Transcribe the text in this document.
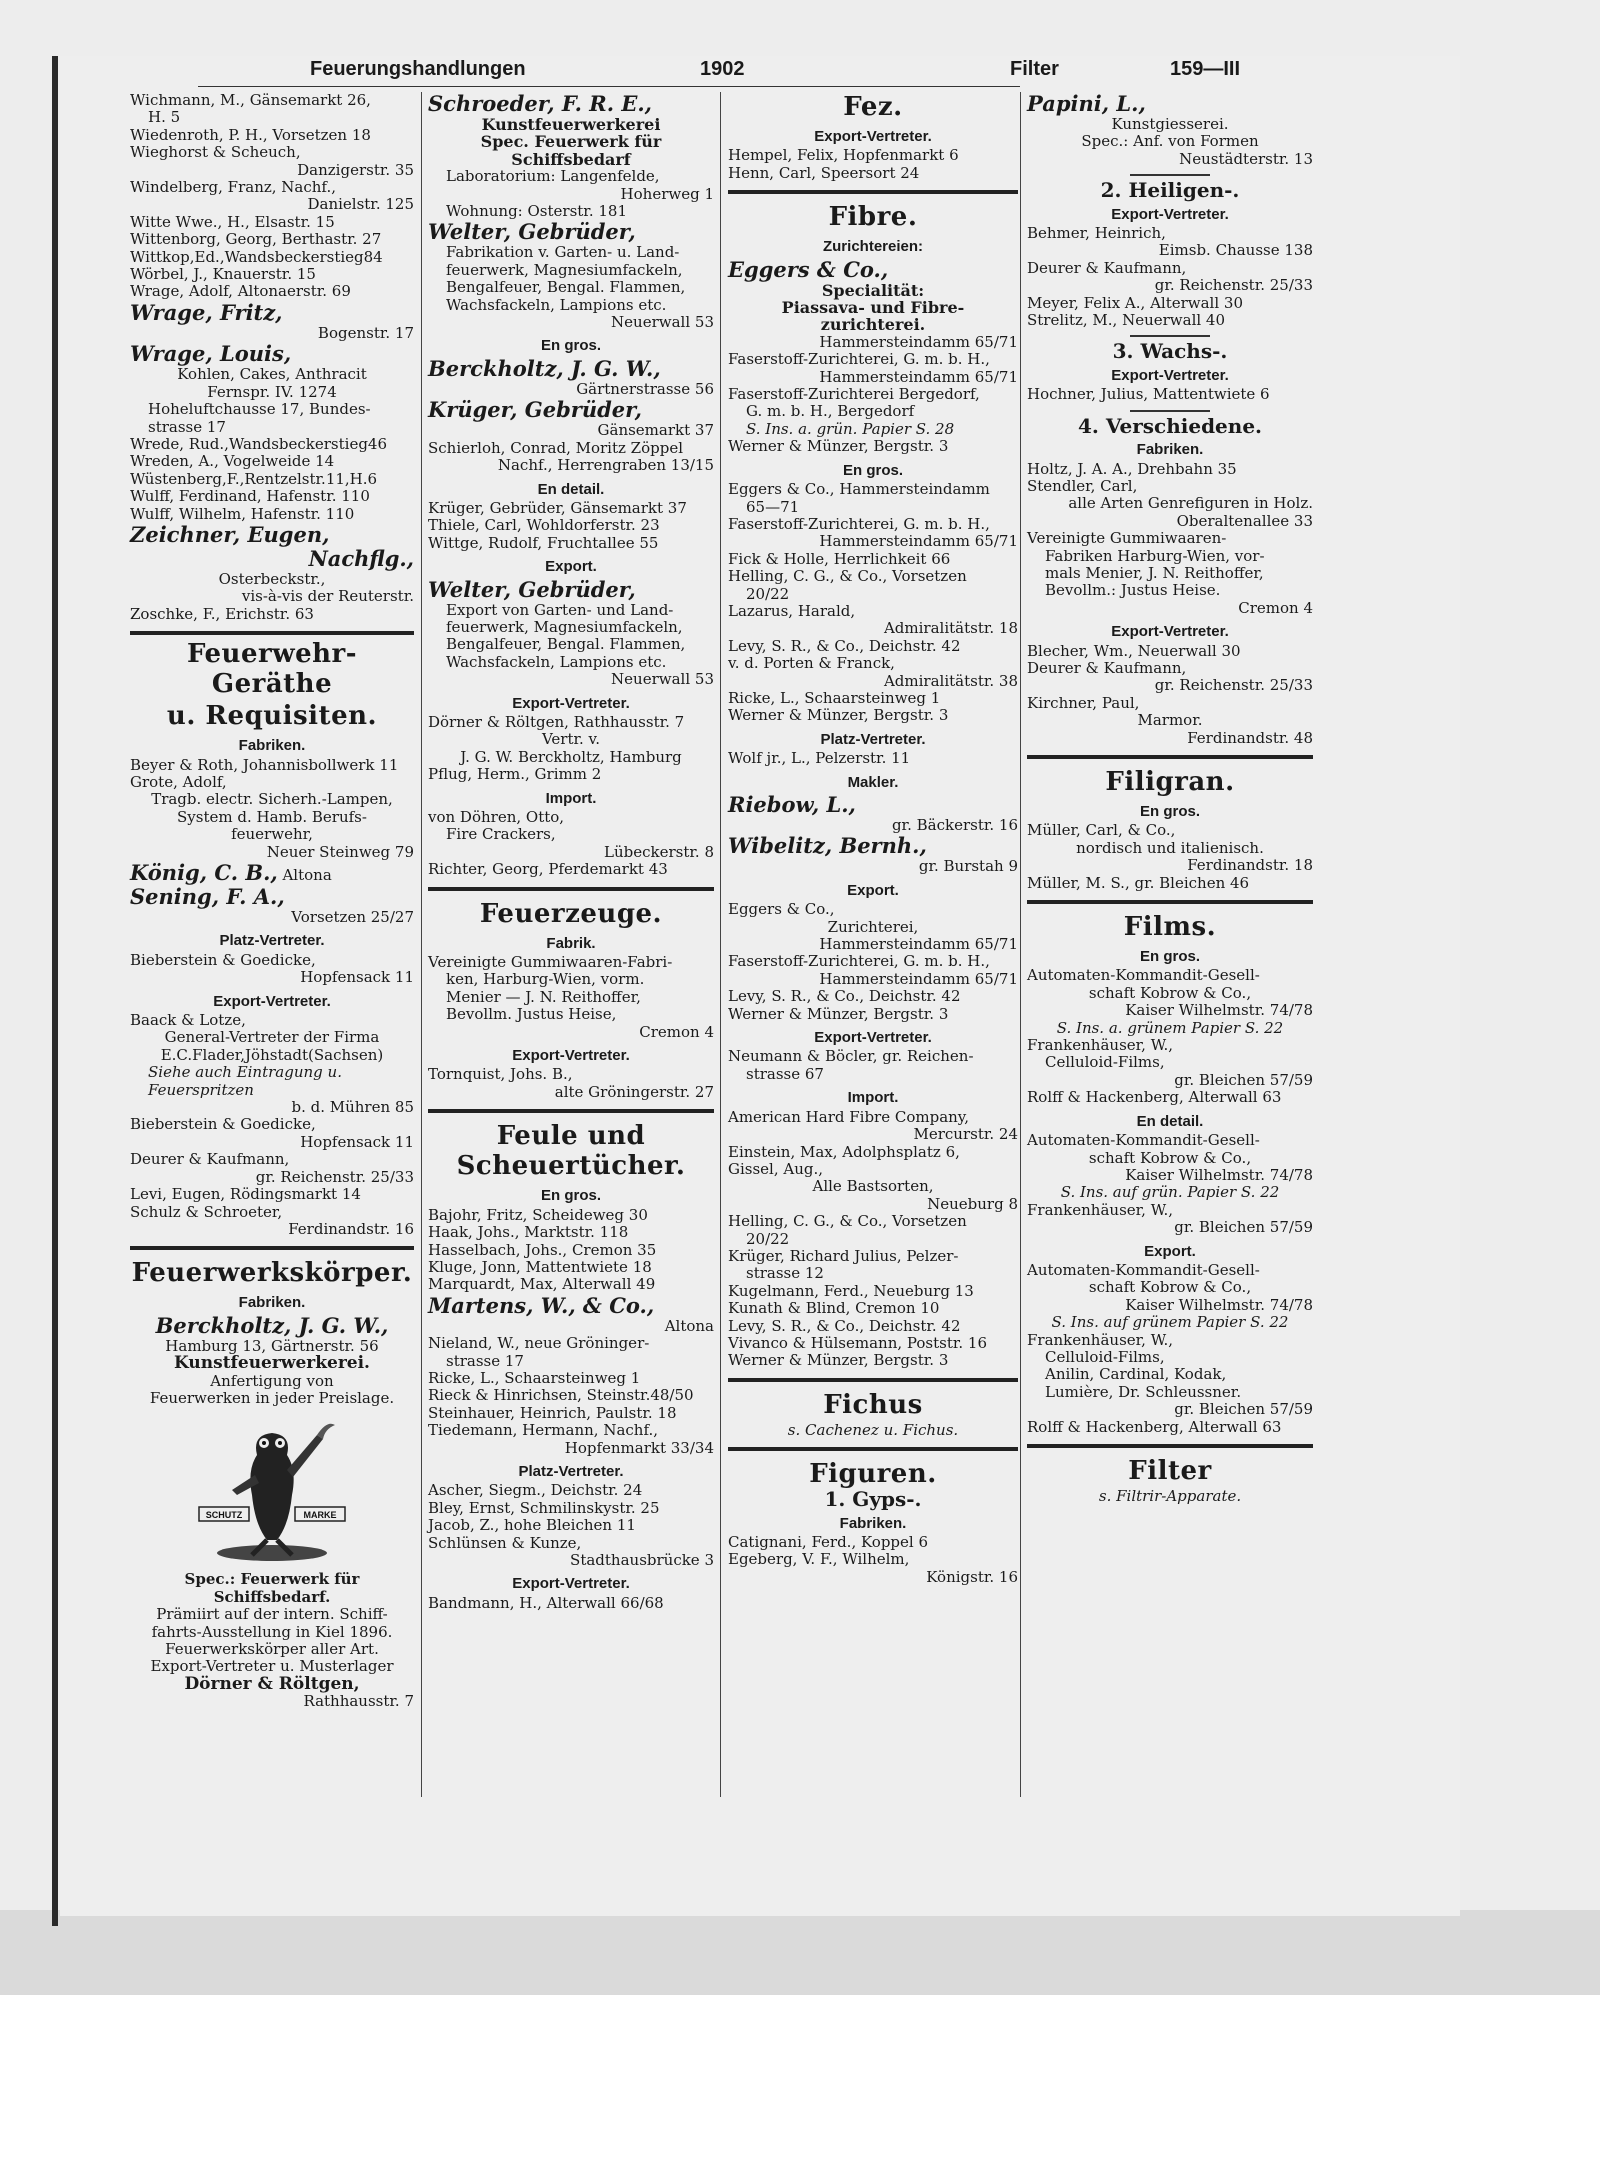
Feuerungshandlungen	1902	Filter	159—III

Wichmann, M., Gänsemarkt 26,

H. 5

Wiedenroth, P. H., Vorsetzen 18

Wieghorst & Scheuch,

Danzigerstr. 35

Windelberg, Franz, Nachf.,

Danielstr. 125

Witte Wwe., H., Elsastr. 15

Wittenborg, Georg, Berthastr. 27

Wittkop,Ed.,Wandsbeckerstieg84

Wörbel, J., Knauerstr. 15

Wrage, Adolf, Altonaerstr. 69

Wrage, Fritz,

Bogenstr. 17

Wrage, Louis,

Kohlen, Cakes, Anthracit

Fernspr. IV. 1274

Hoheluftchausse 17, Bundes-

strasse 17

Wrede, Rud.,Wandsbeckerstieg46

Wreden, A., Vogelweide 14

Wüstenberg,F.,Rentzelstr.11,H.6

Wulff, Ferdinand, Hafenstr. 110

Wulff, Wilhelm, Hafenstr. 110

Zeichner, Eugen,

Nachflg.,

Osterbeckstr.,

vis-à-vis der Reuterstr.

Zoschke, F., Erichstr. 63

Feuerwehr-Geräthe

u. Requisiten.

Fabriken.

Beyer & Roth, Johannisbollwerk 11

Grote, Adolf,

Tragb. electr. Sicherh.-Lampen,

System d. Hamb. Berufs-

feuerwehr,

Neuer Steinweg 79

König, C. B., Altona

Sening, F. A.,

Vorsetzen 25/27

Platz-Vertreter.

Bieberstein & Goedicke,

Hopfensack 11

Export-Vertreter.

Baack & Lotze,

General-Vertreter der Firma

E.C.Flader,Jöhstadt(Sachsen)

Siehe auch Eintragung u.

Feuerspritzen

b. d. Mühren 85

Bieberstein & Goedicke,

Hopfensack 11

Deurer & Kaufmann,

gr. Reichenstr. 25/33

Levi, Eugen, Rödingsmarkt 14

Schulz & Schroeter,

Ferdinandstr. 16

Feuerwerkskörper.

Fabriken.

Berckholtz, J. G. W.,

Hamburg 13, Gärtnerstr. 56

Kunstfeuerwerkerei.

Anfertigung von

Feuerwerken in jeder Preislage.

SCHUTZ	MARKE

Spec.: Feuerwerk für

Schiffsbedarf.

Prämiirt auf der intern. Schiff-

fahrts-Ausstellung in Kiel 1896.

Feuerwerkskörper aller Art.

Export-Vertreter u. Musterlager

Dörner & Röltgen,

Rathhausstr. 7

Schroeder, F. R. E.,

Kunstfeuerwerkerei

Spec. Feuerwerk für

Schiffsbedarf

Laboratorium: Langenfelde,

Hoherweg 1

Wohnung: Osterstr. 181

Welter, Gebrüder,

Fabrikation v. Garten- u. Land-

feuerwerk, Magnesiumfackeln,

Bengalfeuer, Bengal. Flammen,

Wachsfackeln, Lampions etc.

Neuerwall 53

En gros.

Berckholtz, J. G. W.,

Gärtnerstrasse 56

Krüger, Gebrüder,

Gänsemarkt 37

Schierloh, Conrad, Moritz Zöppel

Nachf., Herrengraben 13/15

En detail.

Krüger, Gebrüder, Gänsemarkt 37

Thiele, Carl, Wohldorferstr. 23

Wittge, Rudolf, Fruchtallee 55

Export.

Welter, Gebrüder,

Export von Garten- und Land-

feuerwerk, Magnesiumfackeln,

Bengalfeuer, Bengal. Flammen,

Wachsfackeln, Lampions etc.

Neuerwall 53

Export-Vertreter.

Dörner & Röltgen, Rathhausstr. 7

Vertr. v.

J. G. W. Berckholtz, Hamburg

Pflug, Herm., Grimm 2

Import.

von Döhren, Otto,

Fire Crackers,

Lübeckerstr. 8

Richter, Georg, Pferdemarkt 43

Feuerzeuge.

Fabrik.

Vereinigte Gummiwaaren-Fabri-

ken, Harburg-Wien, vorm.

Menier — J. N. Reithoffer,

Bevollm. Justus Heise,

Cremon 4

Export-Vertreter.

Tornquist, Johs. B.,

alte Gröningerstr. 27

Feule und

Scheuertücher.

En gros.

Bajohr, Fritz, Scheideweg 30

Haak, Johs., Marktstr. 118

Hasselbach, Johs., Cremon 35

Kluge, Jonn, Mattentwiete 18

Marquardt, Max, Alterwall 49

Martens, W., & Co.,

Altona

Nieland, W., neue Gröninger-

strasse 17

Ricke, L., Schaarsteinweg 1

Rieck & Hinrichsen, Steinstr.48/50

Steinhauer, Heinrich, Paulstr. 18

Tiedemann, Hermann, Nachf.,

Hopfenmarkt 33/34

Platz-Vertreter.

Ascher, Siegm., Deichstr. 24

Bley, Ernst, Schmilinskystr. 25

Jacob, Z., hohe Bleichen 11

Schlünsen & Kunze,

Stadthausbrücke 3

Export-Vertreter.

Bandmann, H., Alterwall 66/68

Fez.

Export-Vertreter.

Hempel, Felix, Hopfenmarkt 6

Henn, Carl, Speersort 24

Fibre.

Zurichtereien:

Eggers & Co.,

Specialität:

Piassava- und Fibre-

zurichterei.

Hammersteindamm 65/71

Faserstoff-Zurichterei, G. m. b. H.,

Hammersteindamm 65/71

Faserstoff-Zurichterei Bergedorf,

G. m. b. H., Bergedorf

S. Ins. a. grün. Papier S. 28

Werner & Münzer, Bergstr. 3

En gros.

Eggers & Co., Hammersteindamm

65—71

Faserstoff-Zurichterei, G. m. b. H.,

Hammersteindamm 65/71

Fick & Holle, Herrlichkeit 66

Helling, C. G., & Co., Vorsetzen

20/22

Lazarus, Harald,

Admiralitätstr. 18

Levy, S. R., & Co., Deichstr. 42

v. d. Porten & Franck,

Admiralitätstr. 38

Ricke, L., Schaarsteinweg 1

Werner & Münzer, Bergstr. 3

Platz-Vertreter.

Wolf jr., L., Pelzerstr. 11

Makler.

Riebow, L.,

gr. Bäckerstr. 16

Wibelitz, Bernh.,

gr. Burstah 9

Export.

Eggers & Co.,

Zurichterei,

Hammersteindamm 65/71

Faserstoff-Zurichterei, G. m. b. H.,

Hammersteindamm 65/71

Levy, S. R., & Co., Deichstr. 42

Werner & Münzer, Bergstr. 3

Export-Vertreter.

Neumann & Böcler, gr. Reichen-

strasse 67

Import.

American Hard Fibre Company,

Mercurstr. 24

Einstein, Max, Adolphsplatz 6,

Gissel, Aug.,

Alle Bastsorten,

Neueburg 8

Helling, C. G., & Co., Vorsetzen

20/22

Krüger, Richard Julius, Pelzer-

strasse 12

Kugelmann, Ferd., Neueburg 13

Kunath & Blind, Cremon 10

Levy, S. R., & Co., Deichstr. 42

Vivanco & Hülsemann, Poststr. 16

Werner & Münzer, Bergstr. 3

Fichus

s. Cachenez u. Fichus.

Figuren.

1. Gyps-.

Fabriken.

Catignani, Ferd., Koppel 6

Egeberg, V. F., Wilhelm,

Königstr. 16

Papini, L.,

Kunstgiesserei.

Spec.: Anf. von Formen

Neustädterstr. 13

2. Heiligen-.

Export-Vertreter.

Behmer, Heinrich,

Eimsb. Chausse 138

Deurer & Kaufmann,

gr. Reichenstr. 25/33

Meyer, Felix A., Alterwall 30

Strelitz, M., Neuerwall 40

3. Wachs-.

Export-Vertreter.

Hochner, Julius, Mattentwiete 6

4. Verschiedene.

Fabriken.

Holtz, J. A. A., Drehbahn 35

Stendler, Carl,

alle Arten Genrefiguren in Holz.

Oberaltenallee 33

Vereinigte Gummiwaaren-

Fabriken Harburg-Wien, vor-

mals Menier, J. N. Reithoffer,

Bevollm.: Justus Heise.

Cremon 4

Export-Vertreter.

Blecher, Wm., Neuerwall 30

Deurer & Kaufmann,

gr. Reichenstr. 25/33

Kirchner, Paul,

Marmor.

Ferdinandstr. 48

Filigran.

En gros.

Müller, Carl, & Co.,

nordisch und italienisch.

Ferdinandstr. 18

Müller, M. S., gr. Bleichen 46

Films.

En gros.

Automaten-Kommandit-Gesell-

schaft Kobrow & Co.,

Kaiser Wilhelmstr. 74/78

S. Ins. a. grünem Papier S. 22

Frankenhäuser, W.,

Celluloid-Films,

gr. Bleichen 57/59

Rolff & Hackenberg, Alterwall 63

En detail.

Automaten-Kommandit-Gesell-

schaft Kobrow & Co.,

Kaiser Wilhelmstr. 74/78

S. Ins. auf grün. Papier S. 22

Frankenhäuser, W.,

gr. Bleichen 57/59

Export.

Automaten-Kommandit-Gesell-

schaft Kobrow & Co.,

Kaiser Wilhelmstr. 74/78

S. Ins. auf grünem Papier S. 22

Frankenhäuser, W.,

Celluloid-Films,

Anilin, Cardinal, Kodak,

Lumière, Dr. Schleussner.

gr. Bleichen 57/59

Rolff & Hackenberg, Alterwall 63

Filter

s. Filtrir-Apparate.
